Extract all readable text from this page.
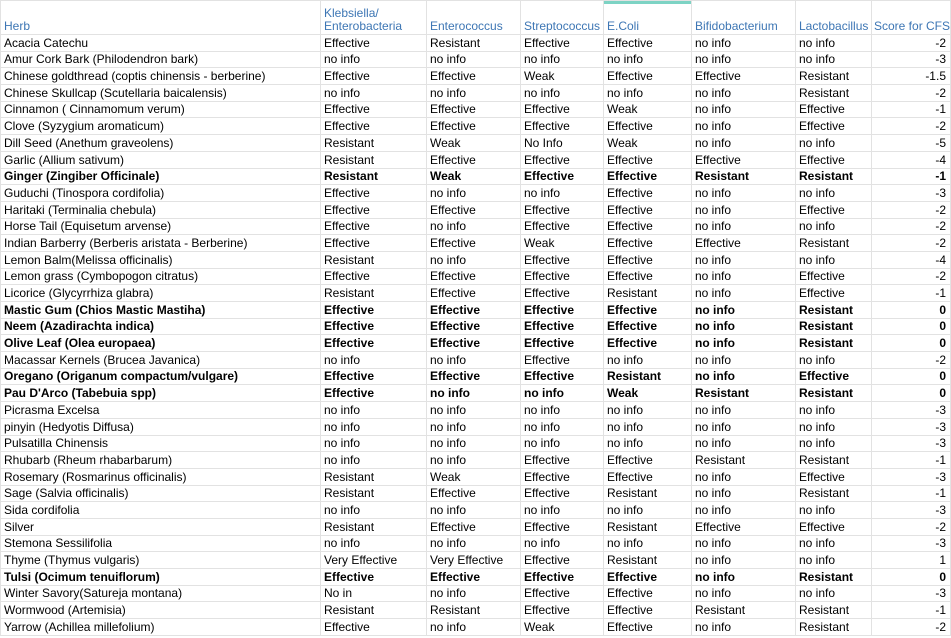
Herb	Klebsiella/ Enterobacteria	Enterococcus	Streptococcus	E.Coli	Bifidobacterium	Lactobacillus	Score for CFS
Acacia Catechu	Effective	Resistant	Effective	Effective	no info	no info	-2
Amur Cork Bark (Philodendron bark)	no info	no info	no info	no info	no info	no info	-3
Chinese goldthread (coptis chinensis - berberine)	Effective	Effective	Weak	Effective	Effective	Resistant	-1.5
Chinese Skullcap (Scutellaria baicalensis)	no info	no info	no info	no info	no info	Resistant	-2
Cinnamon ( Cinnamomum verum)	Effective	Effective	Effective	Weak	no info	Effective	-1
Clove (Syzygium aromaticum)	Effective	Effective	Effective	Effective	no info	Effective	-2
Dill Seed (Anethum graveolens)	Resistant	Weak	No Info	Weak	no info	no info	-5
Garlic (Allium sativum)	Resistant	Effective	Effective	Effective	Effective	Effective	-4
Ginger (Zingiber Officinale)	Resistant	Weak	Effective	Effective	Resistant	Resistant	-1
Guduchi (Tinospora cordifolia)	Effective	no info	no info	Effective	no info	no info	-3
Haritaki (Terminalia chebula)	Effective	Effective	Effective	Effective	no info	Effective	-2
Horse Tail (Equisetum arvense)	Effective	no info	Effective	Effective	no info	no info	-2
Indian Barberry (Berberis aristata - Berberine)	Effective	Effective	Weak	Effective	Effective	Resistant	-2
Lemon Balm(Melissa officinalis)	Resistant	no info	Effective	Effective	no info	no info	-4
Lemon grass (Cymbopogon citratus)	Effective	Effective	Effective	Effective	no info	Effective	-2
Licorice (Glycyrrhiza glabra)	Resistant	Effective	Effective	Resistant	no info	Effective	-1
Mastic Gum (Chios Mastic Mastiha)	Effective	Effective	Effective	Effective	no info	Resistant	0
Neem (Azadirachta indica)	Effective	Effective	Effective	Effective	no info	Resistant	0
Olive Leaf (Olea europaea)	Effective	Effective	Effective	Effective	no info	Resistant	0
Macassar Kernels (Brucea Javanica)	no info	no info	Effective	no info	no info	no info	-2
Oregano (Origanum compactum/vulgare)	Effective	Effective	Effective	Resistant	no info	Effective	0
Pau D'Arco (Tabebuia spp)	Effective	no info	no info	Weak	Resistant	Resistant	0
Picrasma Excelsa	no info	no info	no info	no info	no info	no info	-3
pinyin (Hedyotis Diffusa)	no info	no info	no info	no info	no info	no info	-3
Pulsatilla Chinensis	no info	no info	no info	no info	no info	no info	-3
Rhubarb (Rheum rhabarbarum)	no info	no info	Effective	Effective	Resistant	Resistant	-1
Rosemary (Rosmarinus officinalis)	Resistant	Weak	Effective	Effective	no info	Effective	-3
Sage (Salvia officinalis)	Resistant	Effective	Effective	Resistant	no info	Resistant	-1
Sida cordifolia	no info	no info	no info	no info	no info	no info	-3
Silver	Resistant	Effective	Effective	Resistant	Effective	Effective	-2
Stemona Sessilifolia	no info	no info	no info	no info	no info	no info	-3
Thyme (Thymus vulgaris)	Very Effective	Very Effective	Effective	Resistant	no info	no info	1
Tulsi (Ocimum tenuiflorum)	Effective	Effective	Effective	Effective	no info	Resistant	0
Winter Savory(Satureja montana)	No in	no info	Effective	Effective	no info	no info	-3
Wormwood (Artemisia)	Resistant	Resistant	Effective	Effective	Resistant	Resistant	-1
Yarrow (Achillea millefolium)	Effective	no info	Weak	Effective	no info	Resistant	-2
